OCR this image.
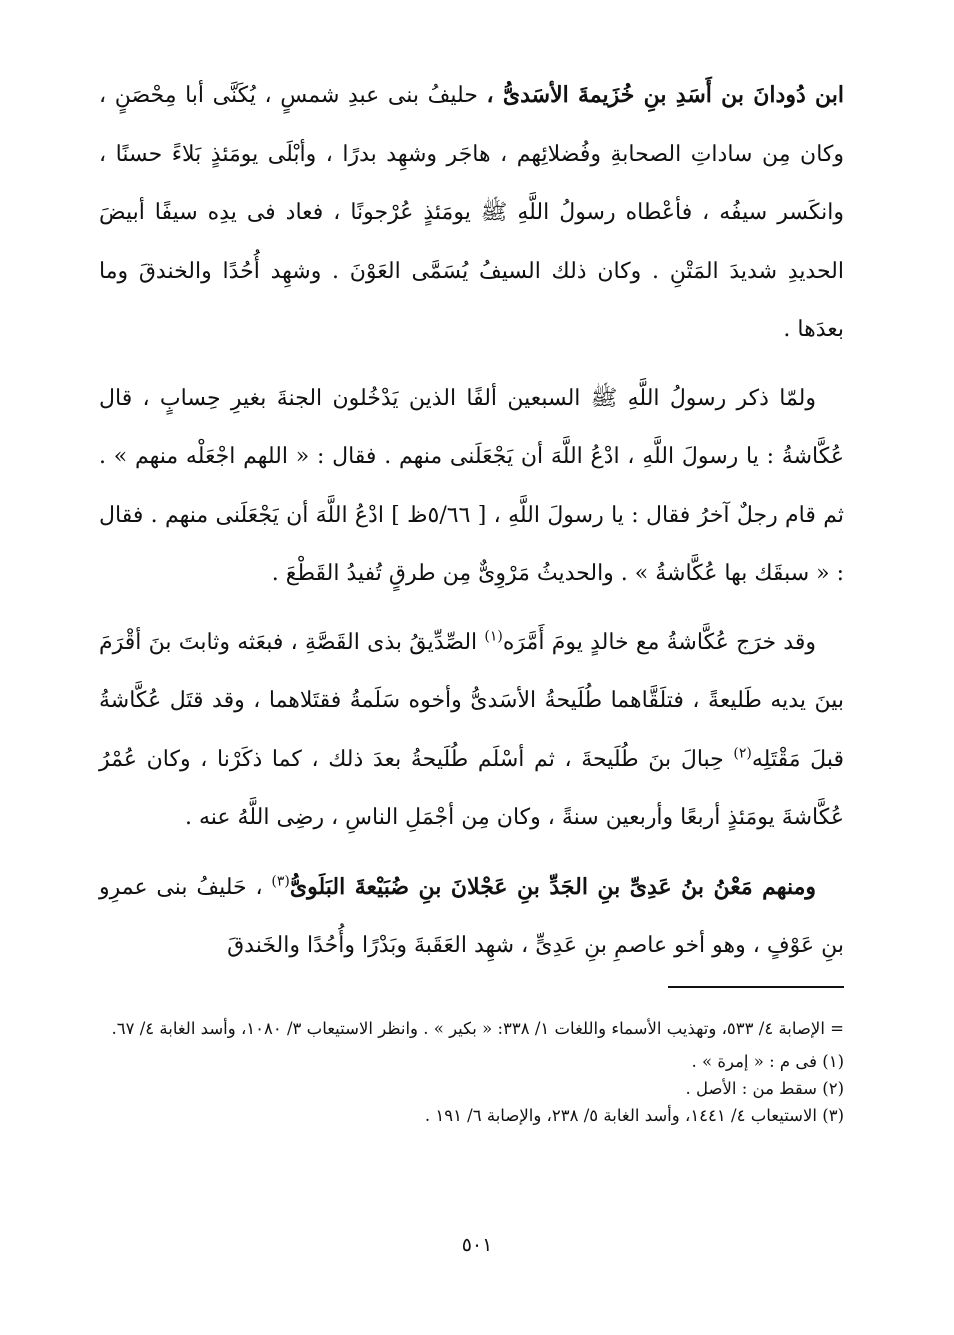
ابن دُودانَ بن أَسَدِ بنِ خُزَيمةَ الأسَدىُّ ، حليفُ بنى عبدِ شمسٍ ، يُكَنَّى أبا مِحْصَنٍ ، وكان مِن ساداتِ الصحابةِ وفُضلائِهم ، هاجَر وشهِد بدرًا ، وأبْلَى يومَئذٍ بَلاءً حسنًا ، وانكَسر سيفُه ، فأعْطاه رسولُ اللَّهِ ﷺ يومَئذٍ عُرْجونًا ، فعاد فى يدِه سيفًا أبيضَ الحديدِ شديدَ المَتْنِ . وكان ذلك السيفُ يُسَمَّى العَوْنَ . وشهِد أُحُدًا والخندقَ وما بعدَها .

ولمّا ذكر رسولُ اللَّهِ ﷺ السبعين ألفًا الذين يَدْخُلون الجنةَ بغيرِ حِسابٍ ، قال عُكَّاشةُ : يا رسولَ اللَّهِ ، ادْعُ اللَّهَ أن يَجْعَلَنى منهم . فقال : « اللهم اجْعَلْه منهم » . ثم قام رجلٌ آخرُ فقال : يا رسولَ اللَّهِ ، [ ٥/٦٦ظ ] ادْعُ اللَّهَ أن يَجْعَلَنى منهم . فقال : « سبقَك بها عُكَّاشةُ » . والحديثُ مَرْوِىٌّ مِن طرقٍ تُفيدُ القَطْعَ .

وقد خرَج عُكَّاشةُ مع خالدٍ يومَ أَمَّرَه$^{(١)}$ الصِّدِّيقُ بذى القَصَّةِ ، فبعَثه وثابتَ بنَ أقْرَمَ بينَ يديه طَليعةً ، فتلَقَّاهما طُلَيحةُ الأسَدىُّ وأخوه سَلَمةُ فقتَلاهما ، وقد قتَل عُكَّاشةُ قبلَ مَقْتَلِه$^{(٢)}$ حِبالَ بنَ طُلَيحةَ ، ثم أسْلَم طُلَيحةُ بعدَ ذلك ، كما ذكَرْنا ، وكان عُمْرُ عُكَّاشةَ يومَئذٍ أربعًا وأربعين سنةً ، وكان مِن أجْمَلِ الناسِ ، رضِى اللَّهُ عنه .

ومنهم مَعْنُ بنُ عَدِىِّ بنِ الجَدِّ بنِ عَجْلانَ بنِ ضُبَيْعةَ البَلَوىُّ$^{(٣)}$ ، حَليفُ بنى عمرِو بنِ عَوْفٍ ، وهو أخو عاصمِ بنِ عَدِىٍّ ، شهِد العَقَبةَ وبَدْرًا وأُحُدًا والخَندقَ

= الإصابة ٤/ ٥٣٣، وتهذيب الأسماء واللغات ١/ ٣٣٨: « بكير » . وانظر الاستيعاب ٣/ ١٠٨٠، وأسد الغابة ٤/ ٦٧.

(١) فى م : « إمرة » .

(٢) سقط من : الأصل .

(٣) الاستيعاب ٤/ ١٤٤١، وأسد الغابة ٥/ ٢٣٨، والإصابة ٦/ ١٩١ .

٥٠١
